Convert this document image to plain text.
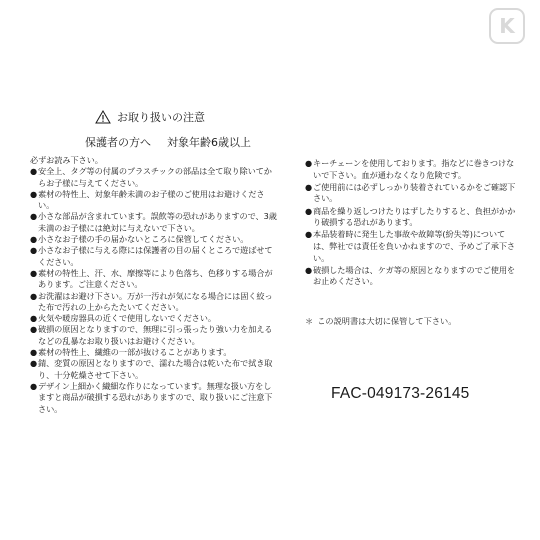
K
お取り扱いの注意
保護者の方へ 対象年齢6歳以上

必ずお読み下さい。

● 安全上、タグ等の付属のプラスチックの部品は全て取り除いてからお子様に与えてください。
● 素材の特性上、対象年齢未満のお子様のご使用はお避けください。
● 小さな部品が含まれています。誤飲等の恐れがありますので、3歳未満のお子様には絶対に与えないで下さい。
● 小さなお子様の手の届かないところに保管してください。
● 小さなお子様に与える際には保護者の目の届くところで遊ばせてください。
● 素材の特性上、汗、水、摩擦等により色落ち、色移りする場合があります。ご注意ください。
● お洗濯はお避け下さい。万が一汚れが気になる場合には固く絞った布で汚れの上からたたいてください。
● 火気や暖房器具の近くで使用しないでください。
● 破損の原因となりますので、無理に引っ張ったり強い力を加えるなどの乱暴なお取り扱いはお避けください。
● 素材の特性上、繊維の一部が抜けることがあります。
● 錆、変質の原因となりますので、濡れた場合は乾いた布で拭き取り、十分乾燥させて下さい。
● デザイン上細かく繊細な作りになっています。無理な扱い方をしますと商品が破損する恐れがありますので、取り扱いにご注意下さい。
● キーチェーンを使用しております。指などに巻きつけないで下さい。血が通わなくなり危険です。
● ご使用前には必ずしっかり装着されているかをご確認下さい。
● 商品を繰り返しつけたりはずしたりすると、負担がかかり破損する恐れがあります。
● 本品装着時に発生した事故や故障等(紛失等)については、弊社では責任を負いかねますので、予めご了承下さい。
● 破損した場合は、ケガ等の原因となりますのでご使用をお止めください。
＊ この説明書は大切に保管して下さい。
FAC-049173-26145
